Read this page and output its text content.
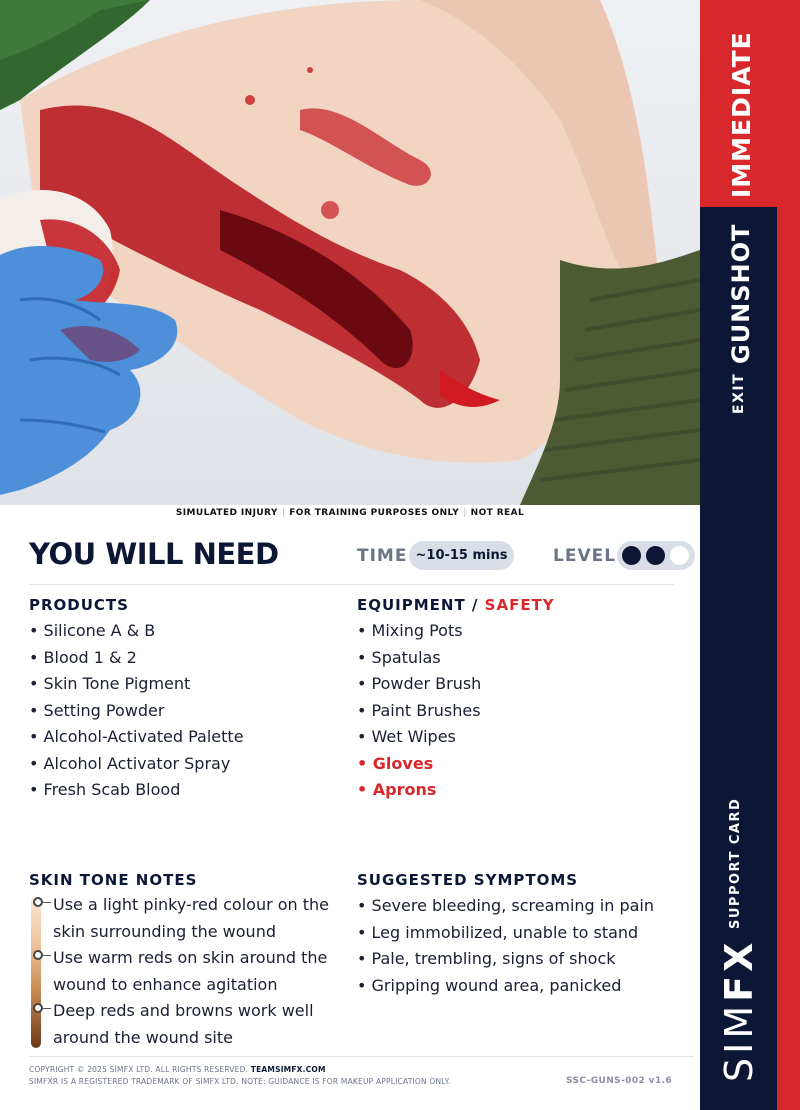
SIMULATED INJURY | FOR TRAINING PURPOSES ONLY | NOT REAL
IMMEDIATE
GUNSHOT
EXIT
SUPPORT CARD
SIMFX
YOU WILL NEED	TIME ~10-15 mins	LEVEL
PRODUCTS
• Silicone A & B
• Blood 1 & 2
• Skin Tone Pigment
• Setting Powder
• Alcohol-Activated Palette
• Alcohol Activator Spray
• Fresh Scab Blood
EQUIPMENT / SAFETY
• Mixing Pots
• Spatulas
• Powder Brush
• Paint Brushes
• Wet Wipes
• Gloves
• Aprons
SKIN TONE NOTES
Use a light pinky-red colour on the skin surrounding the wound
Use warm reds on skin around the wound to enhance agitation
Deep reds and browns work well around the wound site
SUGGESTED SYMPTOMS
• Severe bleeding, screaming in pain
• Leg immobilized, unable to stand
• Pale, trembling, signs of shock
• Gripping wound area, panicked
COPYRIGHT © 2025 SIMFX LTD. ALL RIGHTS RESERVED. TEAMSIMFX.COM
SIMFXR IS A REGISTERED TRADEMARK OF SIMFX LTD. NOTE: GUIDANCE IS FOR MAKEUP APPLICATION ONLY.	SSC-GUNS-002 v1.6
